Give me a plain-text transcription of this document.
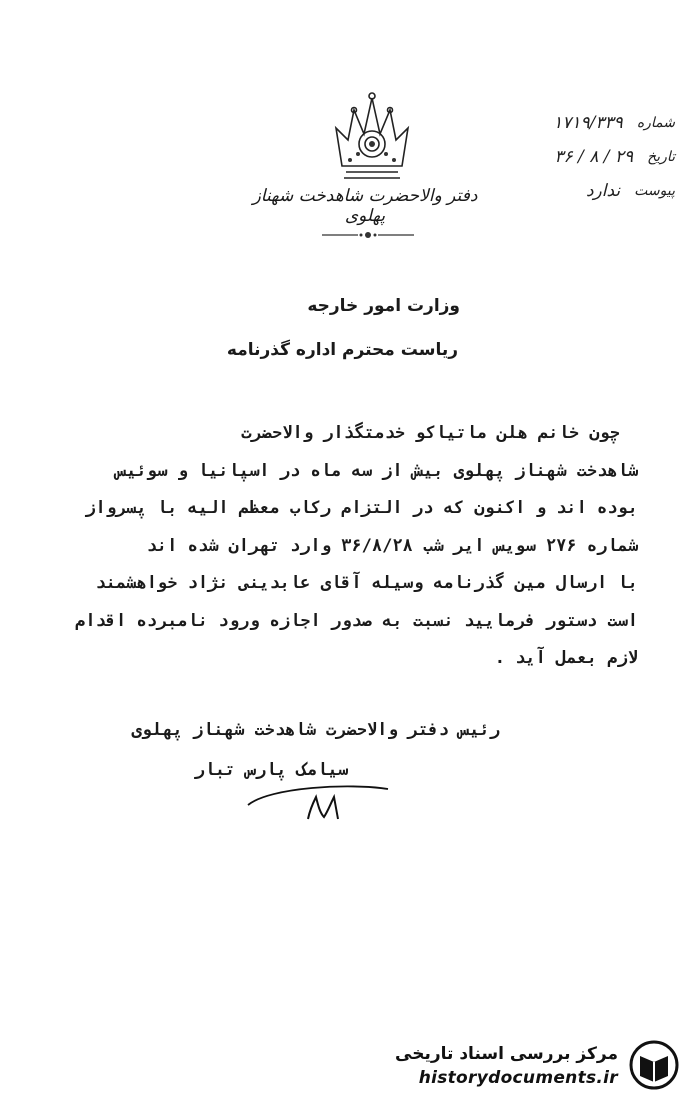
دفتر والاحضرت شاهدخت شهناز پهلوی
شماره
۱۷۱۹/۳۳۹
تاریخ
۲۹ / ۸ / ۳۶
پیوست
ندارد
وزارت امور خارجه
ریاست محترم اداره گذرنامه
چون خانم هلن ماتیاکو خدمتگذار والاحضرت
شاهدخت شهناز پهلوی بیش از سه ماه در اسپانیا و سوئیس
بوده اند و اکنون که در التزام رکاب معظم الیه با پسرواز
شماره ۲۷۶ سویس ایر شب ۳۶/۸/۲۸ وارد تهران شده اند
با ارسال مین گذرنامه وسیله آقای عابدینی نژاد خواهشمند
است دستور فرمایید نسبت به صدور اجازه ورود نامبرده اقدام
لازم بعمل آید .
رئیس دفتر والاحضرت شاهدخت شهناز پهلوی
سیامک پارس تبار
مرکز بررسی اسناد تاریخی
historydocuments.ir
